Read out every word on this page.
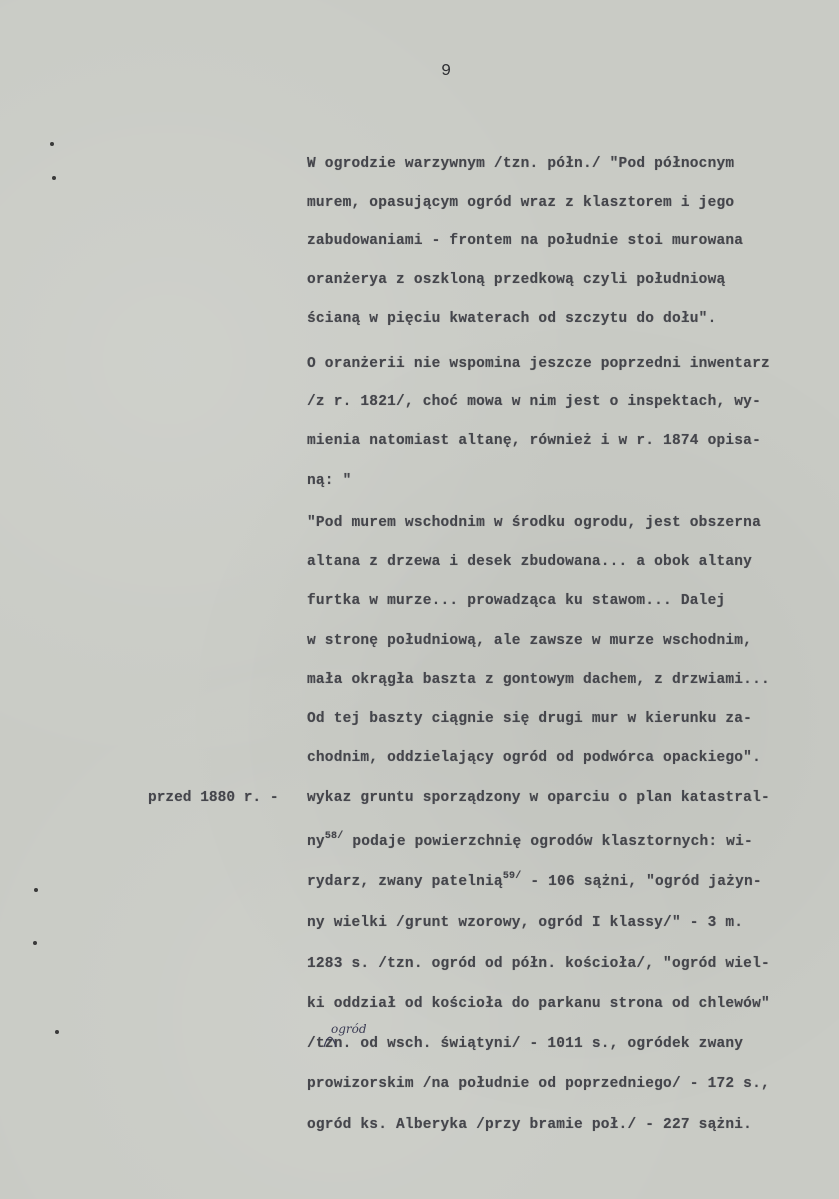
9
W ogrodzie warzywnym /tzn. półn./ "Pod północnym
murem, opasującym ogród wraz z klasztorem i jego
zabudowaniami - frontem na południe stoi murowana
oranżerya z oszkloną przedkową czyli południową
ścianą w pięciu kwaterach od szczytu do dołu".
O oranżerii nie wspomina jeszcze poprzedni inwentarz
/z r. 1821/, choć mowa w nim jest o inspektach, wy-
mienia natomiast altanę, również i w r. 1874 opisa-
ną: "
"Pod murem wschodnim w środku ogrodu, jest obszerna
altana z drzewa i desek zbudowana... a obok altany
furtka w murze... prowadząca ku stawom... Dalej
w stronę południową, ale zawsze w murze wschodnim,
mała okrągła baszta z gontowym dachem, z drzwiami...
Od tej baszty ciągnie się drugi mur w kierunku za-
chodnim, oddzielający ogród od podwórca opackiego".
wykaz gruntu sporządzony w oparciu o plan katastral-
$ny^{58/}$ podaje powierzchnię ogrodów klasztornych: wi-
rydarz, zwany patelnią$^{59/}$ - 106 sążni, "ogród jażyn-
ny wielki /grunt wzorowy, ogród I klassy/" - 3 m.
1283 s. /tzn. ogród od półn. kościoła/, "ogród wiel-
ki oddział od kościoła do parkanu strona od chlewów"
/tzn. od wsch. świątyni/ - 1011 s., ogródek zwany
prowizorskim /na południe od poprzedniego/ - 172 s.,
ogród ks. Alberyka /przy bramie poł./ - 227 sążni.
przed 1880 r. -
ogród
